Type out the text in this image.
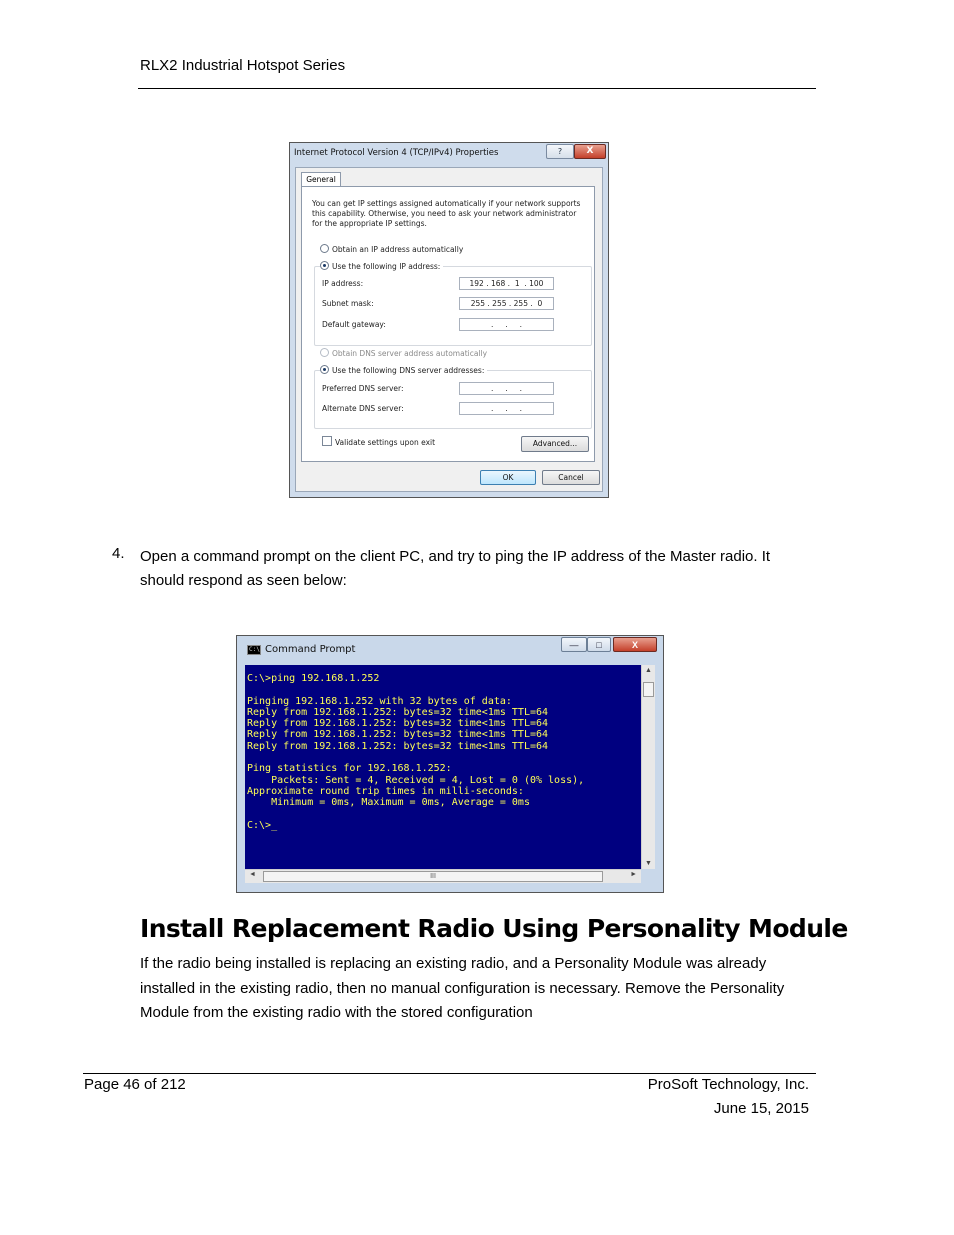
RLX2 Industrial Hotspot Series
Internet Protocol Version 4 (TCP/IPv4) Properties	?	X
General
You can get IP settings assigned automatically if your network supports this capability. Otherwise, you need to ask your network administrator for the appropriate IP settings.
Obtain an IP address automatically
Use the following IP address:
IP address:	192 . 168 .  1  . 100
Subnet mask:	255 . 255 . 255 .  0
Default gateway:	.     .     .
Obtain DNS server address automatically
Use the following DNS server addresses:
Preferred DNS server:	.     .     .
Alternate DNS server:	.     .     .
Validate settings upon exit	Advanced...
OK	Cancel
4. Open a command prompt on the client PC, and try to ping the IP address of the Master radio. It should respond as seen below:
C:\ Command Prompt	—	□	X
C:\>ping 192.168.1.252

Pinging 192.168.1.252 with 32 bytes of data:
Reply from 192.168.1.252: bytes=32 time<1ms TTL=64
Reply from 192.168.1.252: bytes=32 time<1ms TTL=64
Reply from 192.168.1.252: bytes=32 time<1ms TTL=64
Reply from 192.168.1.252: bytes=32 time<1ms TTL=64

Ping statistics for 192.168.1.252:
Packets: Sent = 4, Received = 4, Lost = 0 (0% loss),
Approximate round trip times in milli-seconds:
Minimum = 0ms, Maximum = 0ms, Average = 0ms

C:\>_
▲
▼
◄	III	►
Install Replacement Radio Using Personality Module
If the radio being installed is replacing an existing radio, and a Personality Module was already installed in the existing radio, then no manual configuration is necessary. Remove the Personality Module from the existing radio with the stored configuration
Page 46 of 212	ProSoft Technology, Inc.
June 15, 2015
